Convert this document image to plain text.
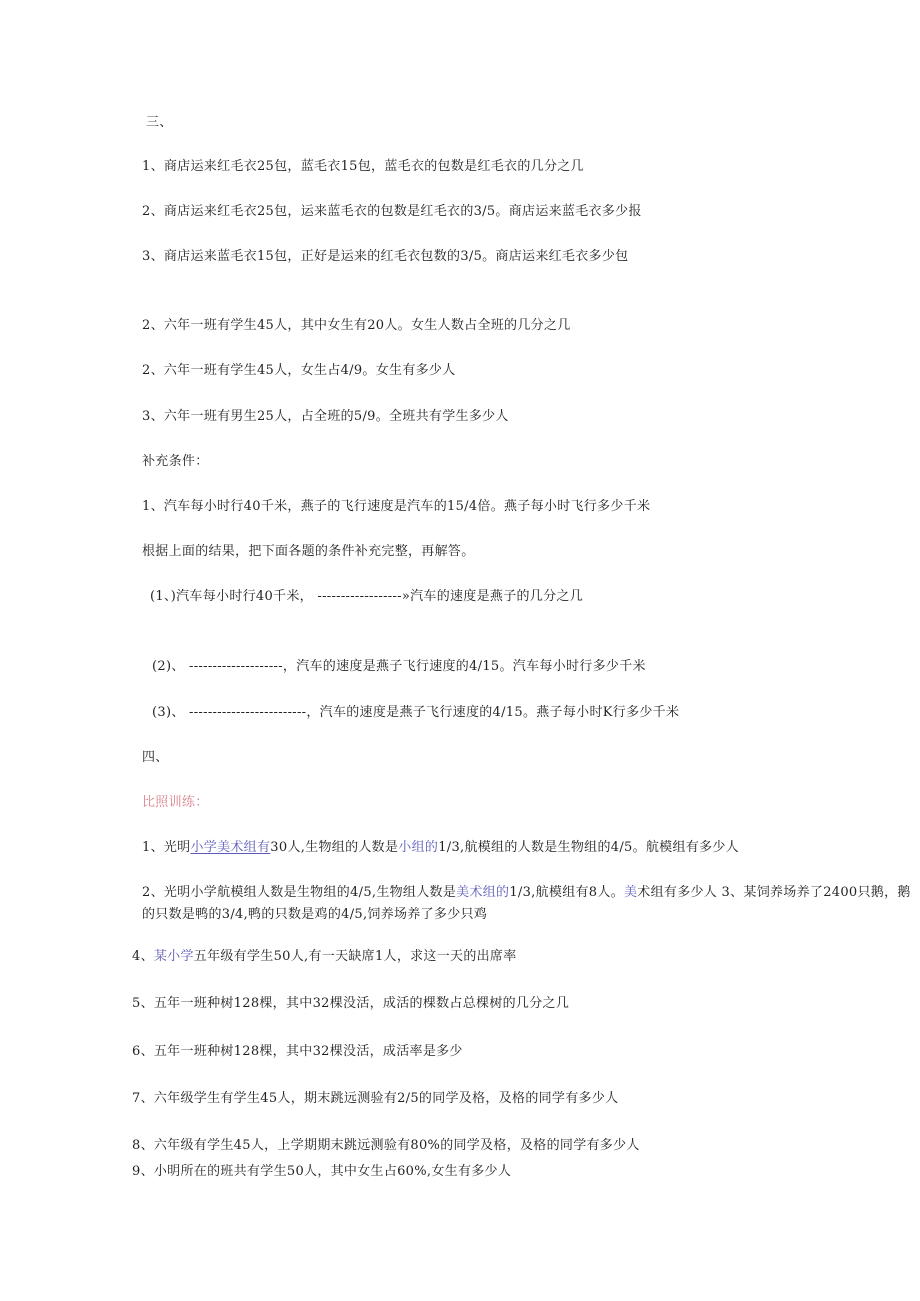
三、
1、商店运来红毛衣25包，蓝毛衣15包，蓝毛衣的包数是红毛衣的几分之几
2、商店运来红毛衣25包，运来蓝毛衣的包数是红毛衣的3/5。商店运来蓝毛衣多少报
3、商店运来蓝毛衣15包，正好是运来的红毛衣包数的3/5。商店运来红毛衣多少包
2、六年一班有学生45人，其中女生有20人。女生人数占全班的几分之几
2、六年一班有学生45人，女生占4/9。女生有多少人
3、六年一班有男生25人，占全班的5/9。全班共有学生多少人
补充条件：
1、汽车每小时行40千米，燕子的飞行速度是汽车的15/4倍。燕子每小时飞行多少千米
根据上面的结果，把下面各题的条件补充完整，再解答。
(1、)汽车每小时行40千米， ------------------»汽车的速度是燕子的几分之几
(2)、 --------------------，汽车的速度是燕子飞行速度的4/15。汽车每小时行多少千米
(3)、 -------------------------，汽车的速度是燕子飞行速度的4/15。燕子每小时K行多少千米
四、
比照训练：
1、光明小学美术组有30人,生物组的人数是小组的1/3,航模组的人数是生物组的4/5。航模组有多少人
2、光明小学航模组人数是生物组的4/5,生物组人数是美术组的1/3,航模组有8人。美术组有多少人 3、某饲养场养了2400只鹅，鹅的只数是鸭的3/4,鸭的只数是鸡的4/5,饲养场养了多少只鸡
4、某小学五年级有学生50人,有一天缺席1人，求这一天的出席率
5、五年一班种树128棵，其中32棵没活，成活的棵数占总棵树的几分之几
6、五年一班种树128棵，其中32棵没活，成活率是多少
7、六年级学生有学生45人，期末跳远测验有2/5的同学及格，及格的同学有多少人
8、六年级有学生45人，上学期期末跳远测验有80%的同学及格，及格的同学有多少人
9、小明所在的班共有学生50人，其中女生占60%,女生有多少人
